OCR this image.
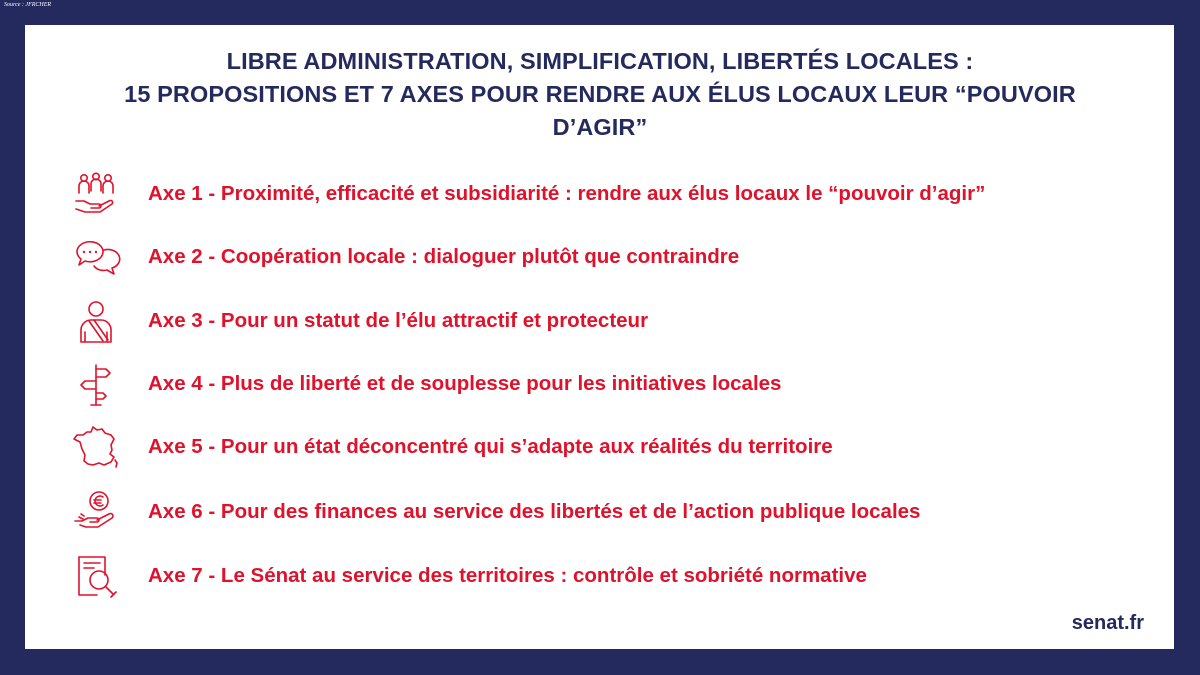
Source : JFRCHER
LIBRE ADMINISTRATION, SIMPLIFICATION, LIBERTÉS LOCALES :
15 PROPOSITIONS ET 7 AXES POUR RENDRE AUX ÉLUS LOCAUX LEUR “POUVOIR
D’AGIR”
Axe 1 - Proximité, efficacité et subsidiarité : rendre aux élus locaux le “pouvoir d’agir”
Axe 2 - Coopération locale : dialoguer plutôt que contraindre
Axe 3 - Pour un statut de l’élu attractif et protecteur
Axe 4 - Plus de liberté et de souplesse pour les initiatives locales
Axe 5 - Pour un état déconcentré qui s’adapte aux réalités du territoire
Axe 6 - Pour des finances au service des libertés et de l’action publique locales
Axe 7 - Le Sénat au service des territoires : contrôle et sobriété normative
senat.fr
